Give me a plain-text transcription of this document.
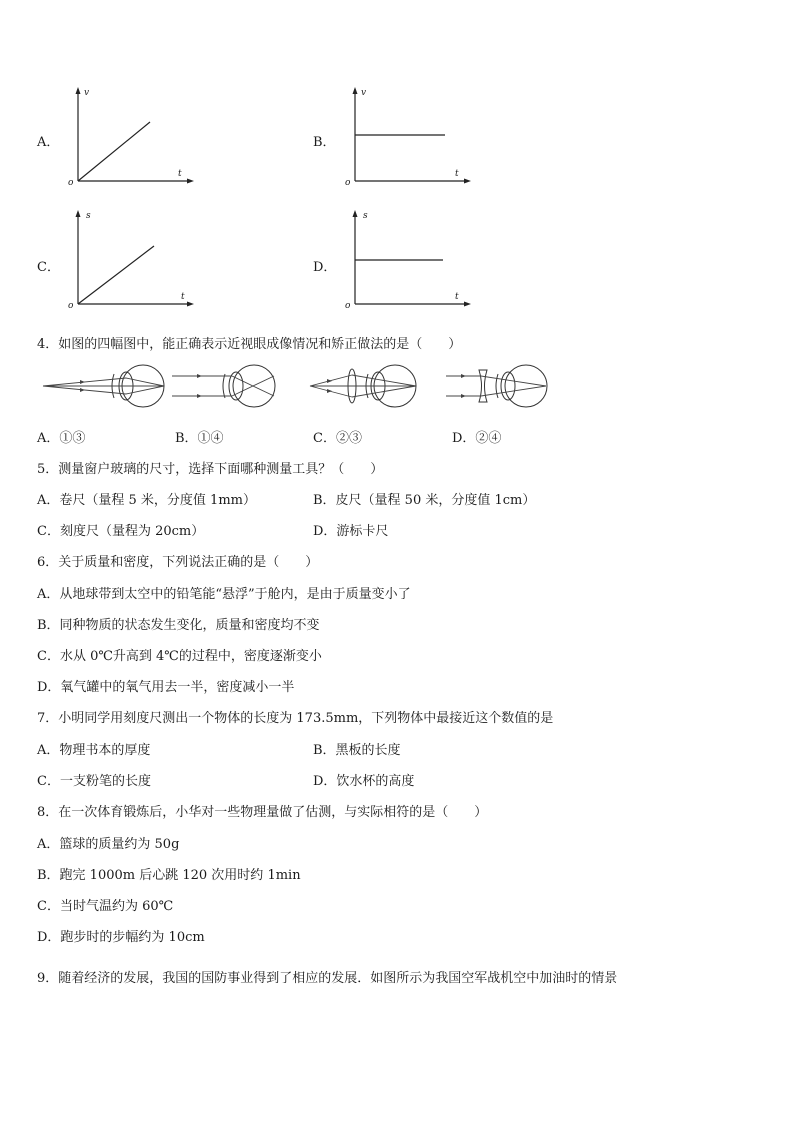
A．
v
t
o
B．
v
t
o
C．
s
t
o
D．
s
t
o
4．如图的四幅图中，能正确表示近视眼成像情况和矫正做法的是（　　）
A．①③	B．①④	C．②③	D．②④
5．测量窗户玻璃的尺寸，选择下面哪种测量工具？（　　）
A．卷尺（量程 5 米，分度值 1mm）	B．皮尺（量程 50 米，分度值 1cm）
C．刻度尺（量程为 20cm）	D．游标卡尺
6．关于质量和密度，下列说法正确的是（　　）
A．从地球带到太空中的铅笔能“悬浮”于舱内，是由于质量变小了
B．同种物质的状态发生变化，质量和密度均不变
C．水从 0℃升高到 4℃的过程中，密度逐渐变小
D．氧气罐中的氧气用去一半，密度减小一半
7．小明同学用刻度尺测出一个物体的长度为 173.5mm，下列物体中最接近这个数值的是
A．物理书本的厚度	B．黑板的长度
C．一支粉笔的长度	D．饮水杯的高度
8．在一次体育锻炼后，小华对一些物理量做了估测，与实际相符的是（　　）
A．篮球的质量约为 50g
B．跑完 1000m 后心跳 120 次用时约 1min
C．当时气温约为 60℃
D．跑步时的步幅约为 10cm
9．随着经济的发展，我国的国防事业得到了相应的发展．如图所示为我国空军战机空中加油时的情景
